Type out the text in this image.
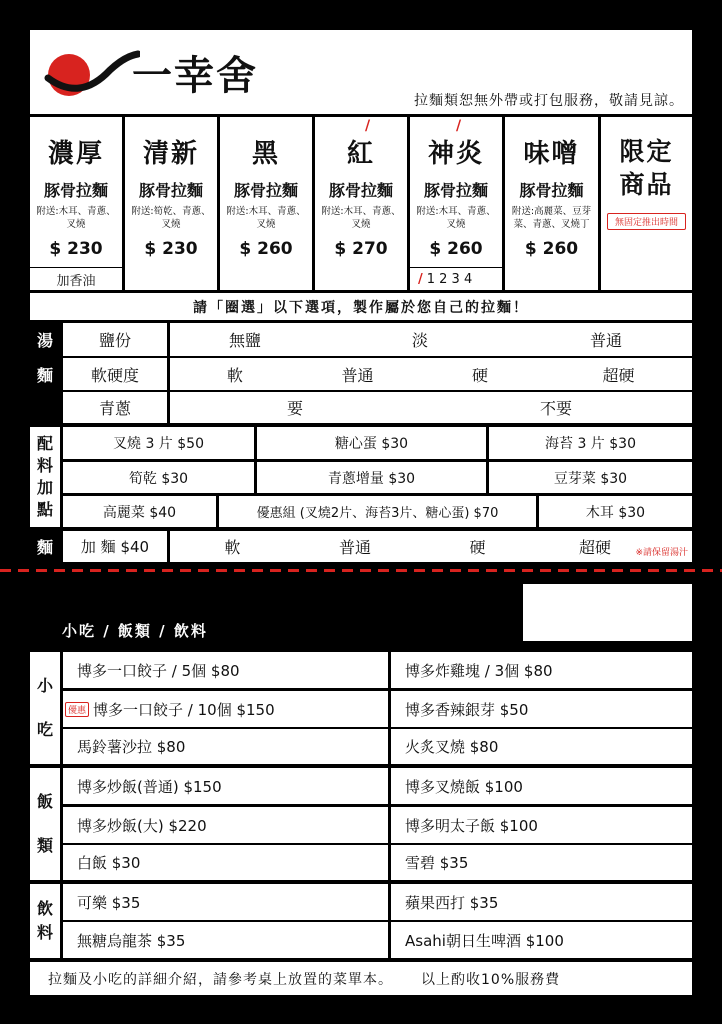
一幸舍
拉麵類恕無外帶或打包服務，敬請見諒。
濃厚
豚骨拉麵
附送:木耳、青蔥、叉燒
$ 230
加香油
清新
豚骨拉麵
附送:筍乾、青蔥、叉燒
$ 230
黑
豚骨拉麵
附送:木耳、青蔥、叉燒
$ 260
/
紅
豚骨拉麵
附送:木耳、青蔥、叉燒
$ 270
/
神炎
豚骨拉麵
附送:木耳、青蔥、叉燒
$ 260
/ 1 2 3 4
味噌
豚骨拉麵
附送:高麗菜、豆芽菜、青蔥、叉燒丁
$ 260
限定商品
無固定推出時間
請「圈選」以下選項，製作屬於您自己的拉麵！
湯	鹽份	無鹽	淡	普通
麵	軟硬度	軟	普通	硬	超硬
青蔥	要	不要
配
料
加
點
叉燒 3 片 $50	糖心蛋 $30	海苔 3 片 $30
筍乾 $30	青蔥增量 $30	豆芽菜 $30
高麗菜 $40	優惠組 (叉燒2片、海苔3片、糖心蛋) $70	木耳 $30
麵	加 麵 $40	軟	普通	硬	超硬	※請保留湯汁
小吃 / 飯類 / 飲料
小
吃
飯
類
飲
料
博多一口餃子 / 5個 $80	博多炸雞塊 / 3個 $80
優惠 博多一口餃子 / 10個 $150	博多香辣銀芽 $50
馬鈴薯沙拉 $80	火炙叉燒 $80
博多炒飯(普通) $150	博多叉燒飯 $100
博多炒飯(大) $220	博多明太子飯 $100
白飯 $30	雪碧 $35
可樂 $35	蘋果西打 $35
無糖烏龍茶 $35	Asahi朝日生啤酒 $100
拉麵及小吃的詳細介紹，請參考桌上放置的菜單本。 以上酌收10%服務費
